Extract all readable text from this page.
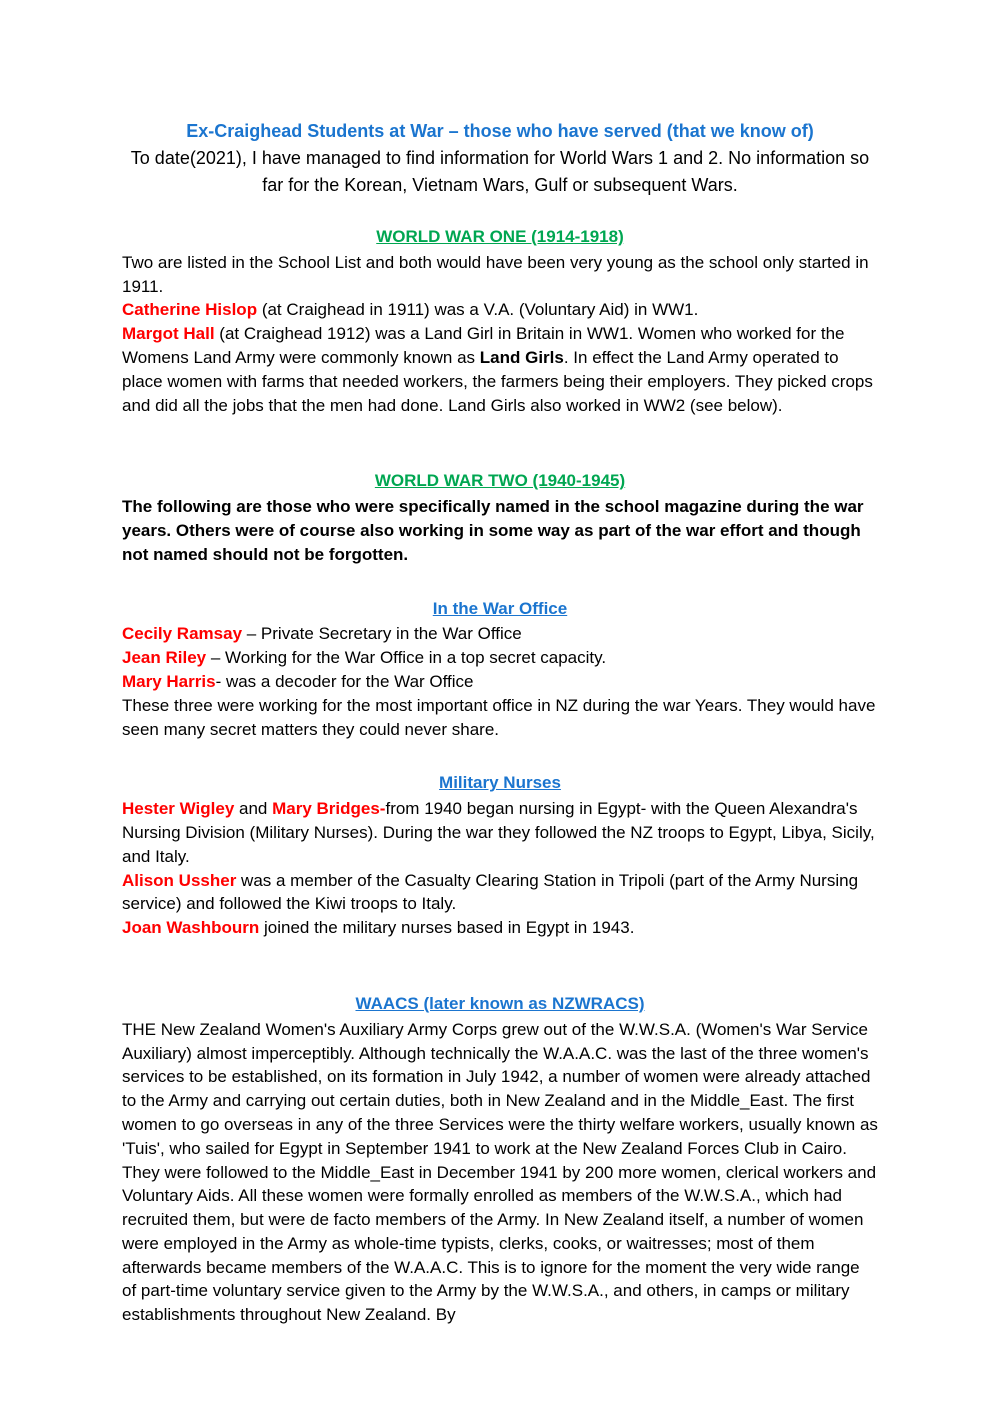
Ex-Craighead Students at War – those who have served (that we know of)

To date(2021), I have managed to find information for World Wars 1 and 2. No information so far for the Korean, Vietnam Wars, Gulf or subsequent Wars.

WORLD WAR ONE (1914-1918)

Two are listed in the School List and both would have been very young as the school only started in 1911.

Catherine Hislop (at Craighead in 1911) was a V.A. (Voluntary Aid) in WW1.

Margot Hall (at Craighead 1912) was a Land Girl in Britain in WW1. Women who worked for the Womens Land Army were commonly known as Land Girls. In effect the Land Army operated to place women with farms that needed workers, the farmers being their employers. They picked crops and did all the jobs that the men had done. Land Girls also worked in WW2 (see below).

WORLD WAR TWO (1940-1945)

The following are those who were specifically named in the school magazine during the war years. Others were of course also working in some way as part of the war effort and though not named should not be forgotten.

In the War Office

Cecily Ramsay – Private Secretary in the War Office

Jean Riley – Working for the War Office in a top secret capacity.

Mary Harris- was a decoder for the War Office

These three were working for the most important office in NZ during the war Years. They would have seen many secret matters they could never share.

Military Nurses

Hester Wigley and Mary Bridges-from 1940 began nursing in Egypt- with the Queen Alexandra's Nursing Division (Military Nurses). During the war they followed the NZ troops to Egypt, Libya, Sicily, and Italy.

Alison Ussher was a member of the Casualty Clearing Station in Tripoli (part of the Army Nursing service) and followed the Kiwi troops to Italy.

Joan Washbourn joined the military nurses based in Egypt in 1943.

WAACS (later known as NZWRACS)

THE New Zealand Women's Auxiliary Army Corps grew out of the W.W.S.A. (Women's War Service Auxiliary) almost imperceptibly. Although technically the W.A.A.C. was the last of the three women's services to be established, on its formation in July 1942, a number of women were already attached to the Army and carrying out certain duties, both in New Zealand and in the Middle_East. The first women to go overseas in any of the three Services were the thirty welfare workers, usually known as 'Tuis', who sailed for Egypt in September 1941 to work at the New Zealand Forces Club in Cairo. They were followed to the Middle_East in December 1941 by 200 more women, clerical workers and Voluntary Aids. All these women were formally enrolled as members of the W.W.S.A., which had recruited them, but were de facto members of the Army. In New Zealand itself, a number of women were employed in the Army as whole-time typists, clerks, cooks, or waitresses; most of them afterwards became members of the W.A.A.C. This is to ignore for the moment the very wide range of part-time voluntary service given to the Army by the W.W.S.A., and others, in camps or military establishments throughout New Zealand. By
